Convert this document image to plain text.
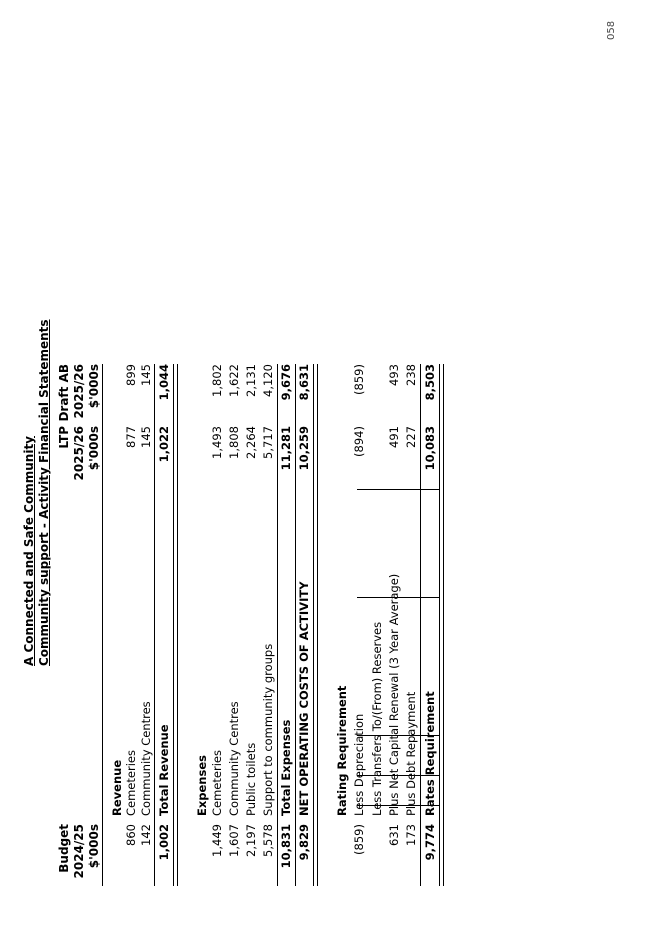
058
A Connected and Safe Community Community support - Activity Financial Statements
Budget 2024/25 $'000s
LTP 2025/26 $'000s
Draft AB 2025/26 $'000s
Revenue
860
Cemeteries
877
899
142
Community Centres
145
145
1,002
Total Revenue
1,022
1,044
Expenses
1,449
Cemeteries
1,493
1,802
1,607
Community Centres
1,808
1,622
2,197
Public toilets
2,264
2,131
5,578
Support to community groups
5,717
4,120
10,831
Total Expenses
11,281
9,676
9,829
NET OPERATING COSTS OF ACTIVITY
10,259
8,631
Rating Requirement
(859)
Less Depreciation
(894)
(859)
Less Transfers To/(From) Reserves
631
Plus Net Capital Renewal (3 Year Average)
491
493
173
Plus Debt Repayment
227
238
9,774
Rates Requirement
10,083
8,503
